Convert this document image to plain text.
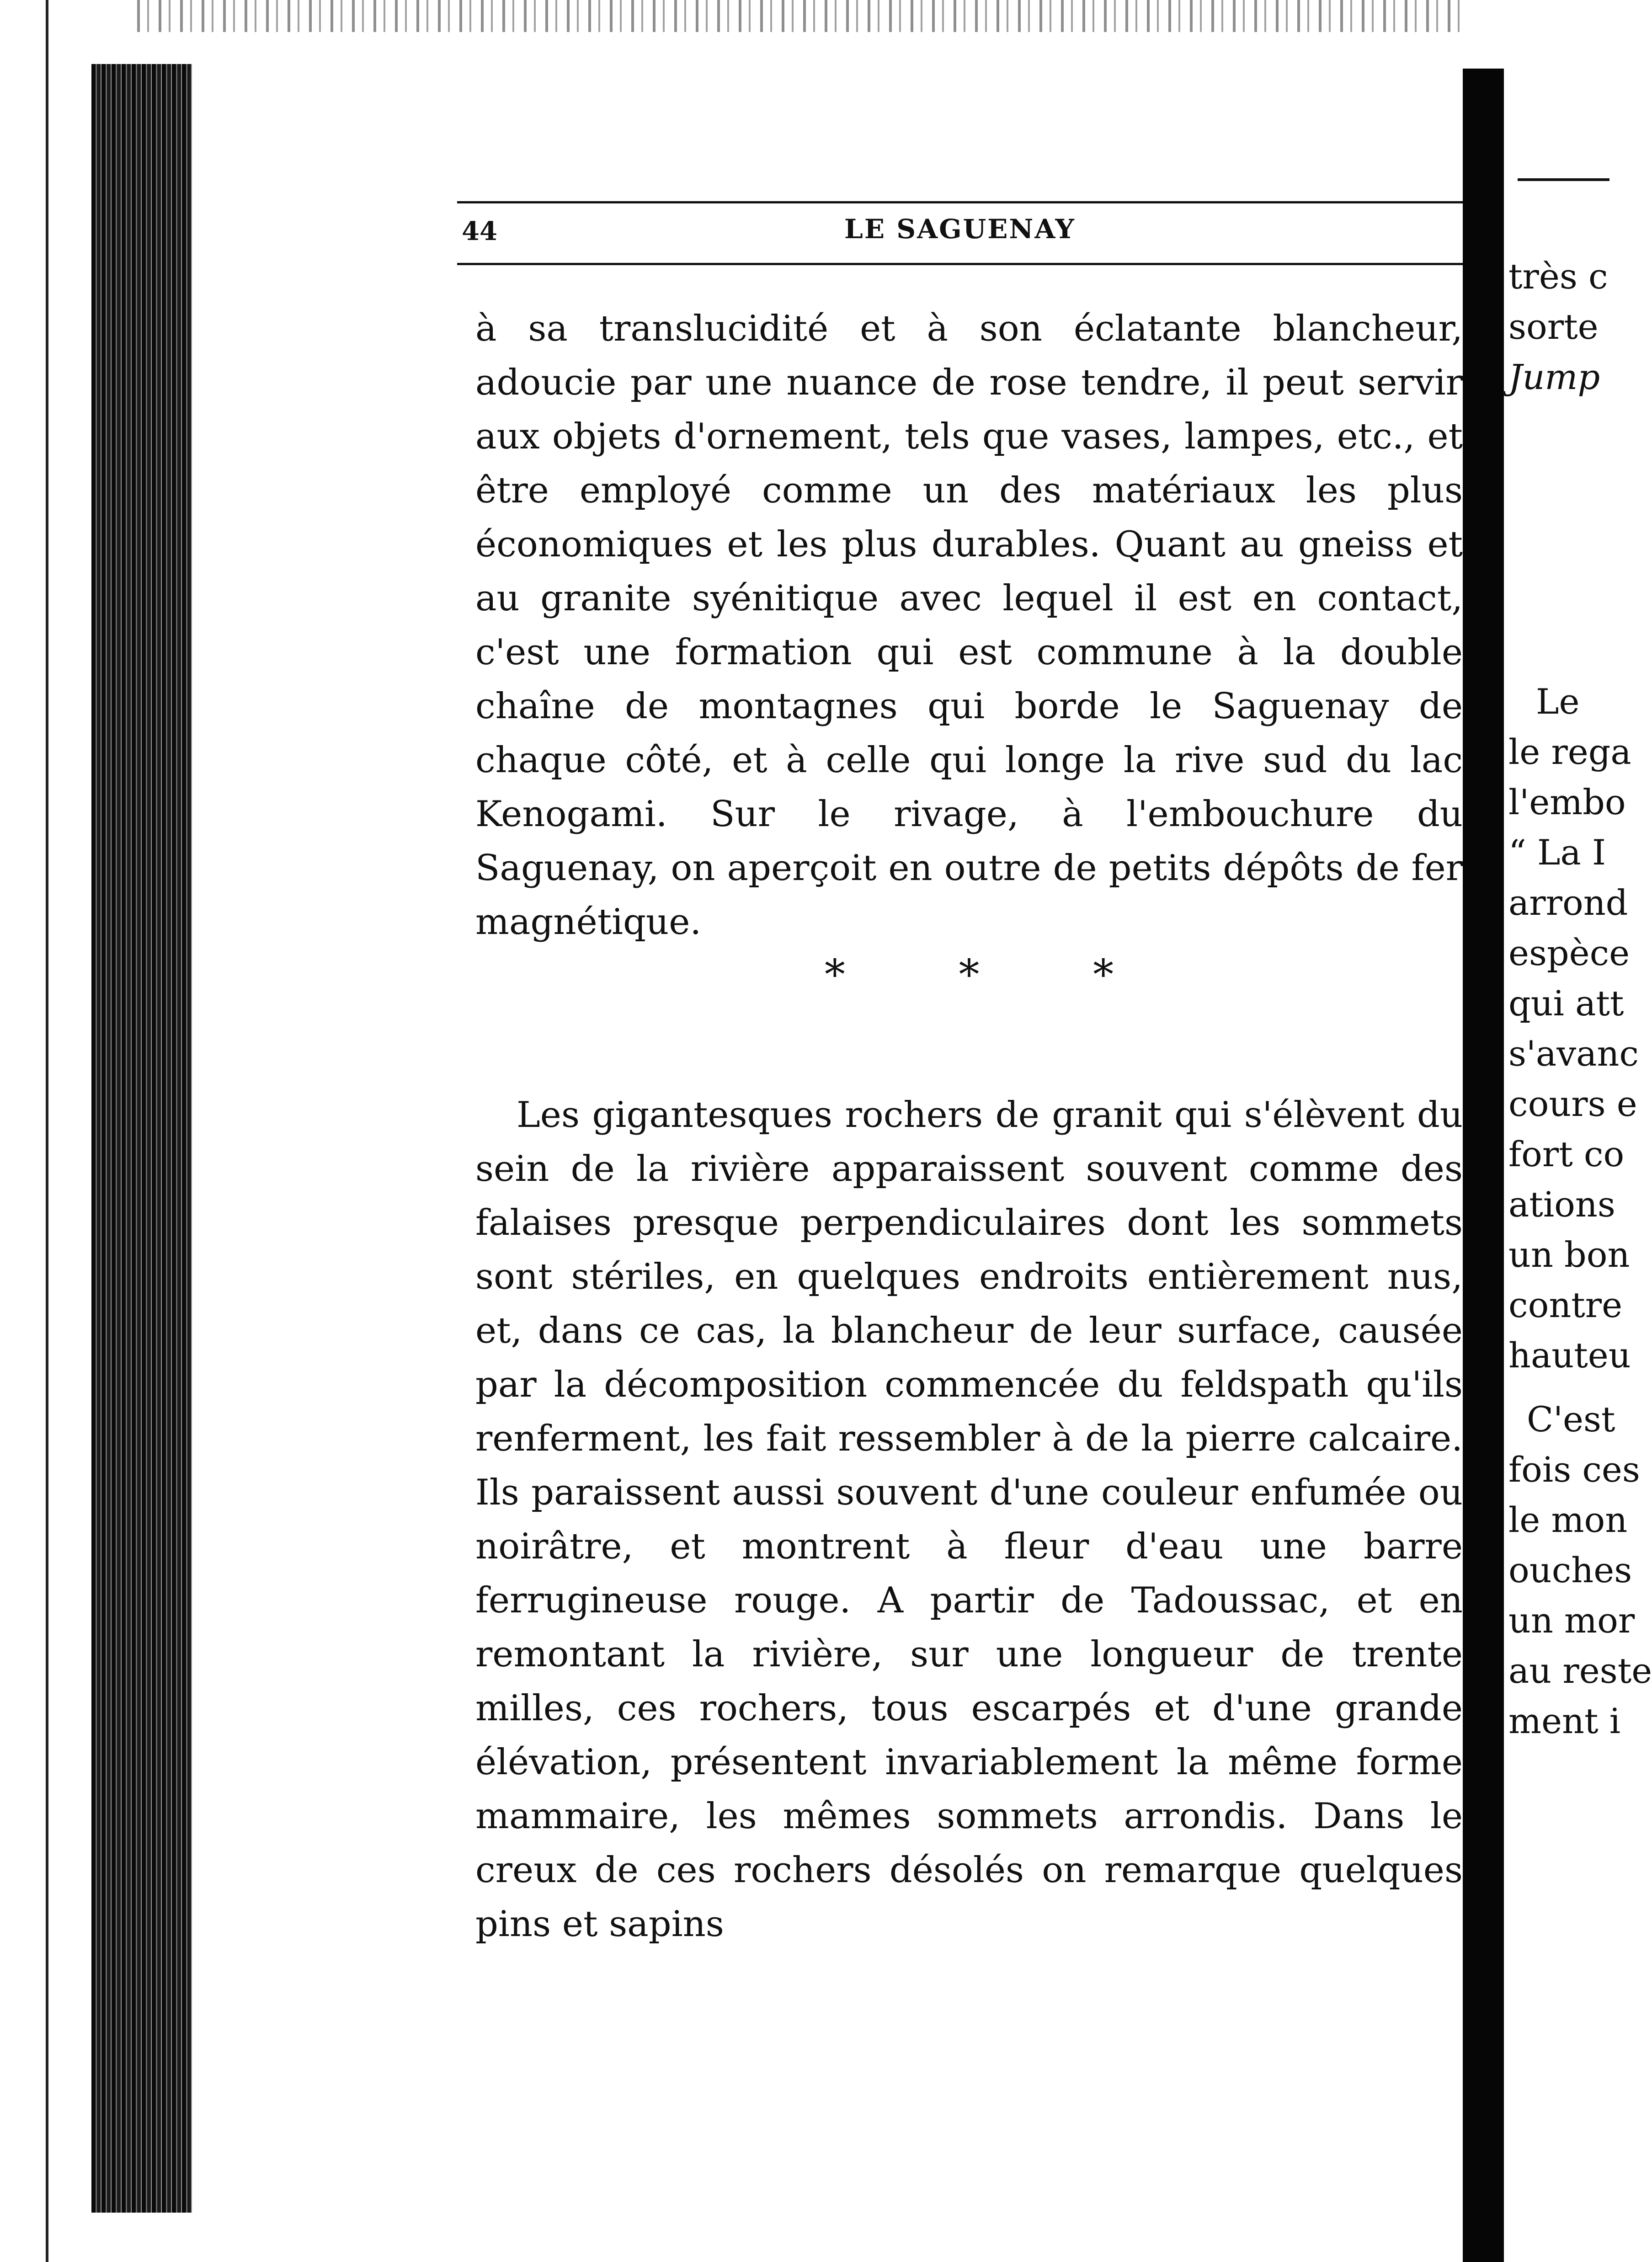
44	LE SAGUENAY

à sa translucidité et à son éclatante blancheur, adoucie par une nuance de rose tendre, il peut servir aux objets d'ornement, tels que vases, lampes, etc., et être employé comme un des matériaux les plus économiques et les plus durables. Quant au gneiss et au granite syénitique avec lequel il est en contact, c'est une formation qui est commune à la double chaîne de montagnes qui borde le Saguenay de chaque côté, et à celle qui longe la rive sud du lac Kenogami. Sur le rivage, à l'embouchure du Saguenay, on aperçoit en outre de petits dépôts de fer magnétique.

* * *

Les gigantesques rochers de granit qui s'élèvent du sein de la rivière apparaissent souvent comme des falaises presque perpendiculaires dont les sommets sont stériles, en quelques endroits entièrement nus, et, dans ce cas, la blancheur de leur surface, causée par la décomposition commencée du feldspath qu'ils renferment, les fait ressembler à de la pierre calcaire. Ils paraissent aussi souvent d'une couleur enfumée ou noirâtre, et montrent à fleur d'eau une barre ferrugineuse rouge. A partir de Tadoussac, et en remontant la rivière, sur une longueur de trente milles, ces rochers, tous escarpés et d'une grande élévation, présentent invariablement la même forme mammaire, les mêmes sommets arrondis. Dans le creux de ces rochers désolés on remarque quelques pins et sapins

très c
sorte
Jump
Le
le rega
l'embo
“ La I
arrond
espèce
qui att
s'avanc
cours e
fort co
ations
un bon
contre
hauteu
C'est
fois ces
le mon
ouches
un mor
au reste
ment i
